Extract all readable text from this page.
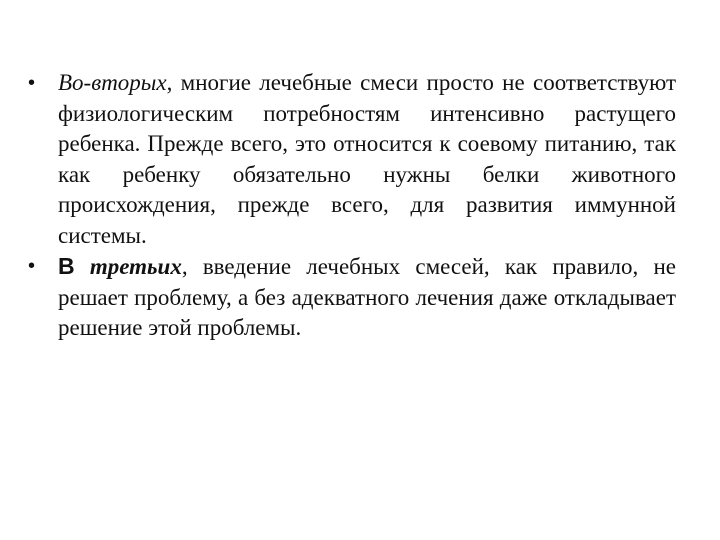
• Во-вторых, многие лечебные смеси просто не соответствуют физиологическим потребностям интенсивно растущего ребенка. Прежде всего, это относится к соевому питанию, так как ребенку обязательно нужны белки животного происхождения, прежде всего, для развития иммунной системы.
• В третьих, введение лечебных смесей, как правило, не решает проблему, а без адекватного лечения даже откладывает решение этой проблемы.
